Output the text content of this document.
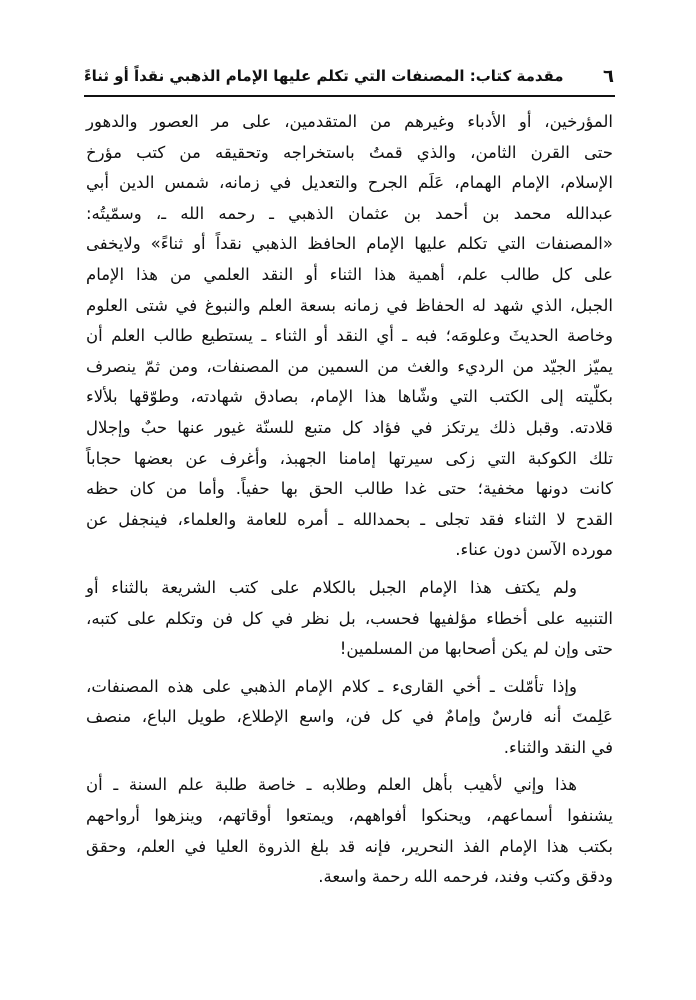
٦
مقدمة كتاب: المصنفات التي تكلم عليها الإمام الذهبي نقداً أو ثناءً
المؤرخين، أو الأدباء وغيرهم من المتقدمين، على مر العصور والدهور
حتى القرن الثامن، والذي قمتُ باستخراجه وتحقيقه من كتب مؤرخ
الإسلام، الإمام الهمام، عَلَم الجرح والتعديل في زمانه، شمس الدين أبي
عبدالله محمد بن أحمد بن عثمان الذهبي ـ رحمه الله ـ، وسمّيتُه:
«المصنفات التي تكلم عليها الإمام الحافظ الذهبي نقداً أو ثناءً» ولايخفى
على كل طالب علم، أهمية هذا الثناء أو النقد العلمي من هذا الإمام
الجبل، الذي شهد له الحفاظ في زمانه بسعة العلم والنبوغ في شتى العلوم
وخاصة الحديثَ وعلومَه؛ فبه ـ أي النقد أو الثناء ـ يستطيع طالب العلم أن
يميّز الجيّد من الرديء والغث من السمين من المصنفات، ومن ثمّ ينصرف
بكلّيته إلى الكتب التي وشّاها هذا الإمام، بصادق شهادته، وطوّقها بلألاء
قلادته. وقبل ذلك يرتكز في فؤاد كل متبع للسنّة غيور عنها حبٌ وإجلال
تلك الكوكبة التي زكى سيرتها إمامنا الجهبذ، وأغرف عن بعضها حجاباً
كانت دونها مخفية؛ حتى غدا طالب الحق بها حفياً. وأما من كان حظه
القدح لا الثناء فقد تجلى ـ بحمدالله ـ أمره للعامة والعلماء، فينجفل عن
مورده الآسن دون عناء.
ولم يكتف هذا الإمام الجبل بالكلام على كتب الشريعة بالثناء أو
التنبيه على أخطاء مؤلفيها فحسب، بل نظر في كل فن وتكلم على كتبه،
حتى وإن لم يكن أصحابها من المسلمين!
وإذا تأمّلت ـ أخي القارىء ـ كلام الإمام الذهبي على هذه المصنفات،
عَلِمتَ أنه فارسٌ وإمامٌ في كل فن، واسع الإطلاع، طويل الباع، منصف
في النقد والثناء.
هذا وإني لأهيب بأهل العلم وطلابه ـ خاصة طلبة علم السنة ـ أن
يشنفوا أسماعهم، ويحنكوا أفواههم، ويمتعوا أوقاتهم، وينزهوا أرواحهم
بكتب هذا الإمام الفذ النحرير، فإنه قد بلغ الذروة العليا في العلم، وحقق
ودقق وكتب وفند، فرحمه الله رحمة واسعة.
